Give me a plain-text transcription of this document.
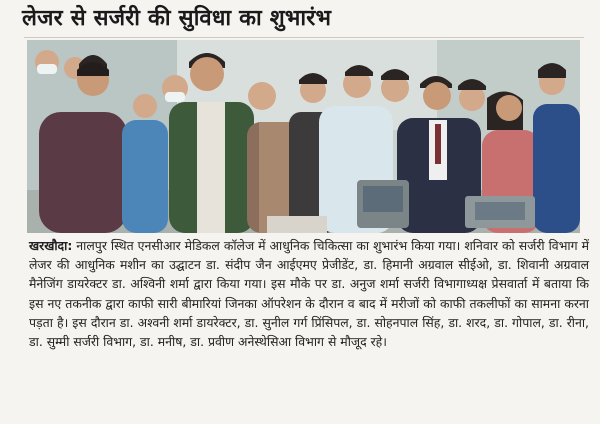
लेजर से सर्जरी की सुविधा का शुभारंभ
खरखौदा: नालपुर स्थित एनसीआर मेडिकल कॉलेज में आधुनिक चिकित्सा का शुभारंभ किया गया। शनिवार को सर्जरी विभाग में लेजर की आधुनिक मशीन का उद्घाटन डा. संदीप जैन आईएमए प्रेजीडेंट, डा. हिमानी अग्रवाल सीईओ, डा. शिवानी अग्रवाल मैनेजिंग डायरेक्टर डा. अश्विनी शर्मा द्वारा किया गया। इस मौके पर डा. अनुज शर्मा सर्जरी विभागाध्यक्ष प्रेसवार्ता में बताया कि इस नए तकनीक द्वारा काफी सारी बीमारियां जिनका ऑपरेशन के दौरान व बाद में मरीजों को काफी तकलीफों का सामना करना पड़ता है। इस दौरान डा. अश्वनी शर्मा डायरेक्टर, डा. सुनील गर्ग प्रिंसिपल, डा. सोहनपाल सिंह, डा. शरद, डा. गोपाल, डा. रीना, डा. सुम्मी सर्जरी विभाग, डा. मनीष, डा. प्रवीण अनेस्थेसिआ विभाग से मौजूद रहे।
